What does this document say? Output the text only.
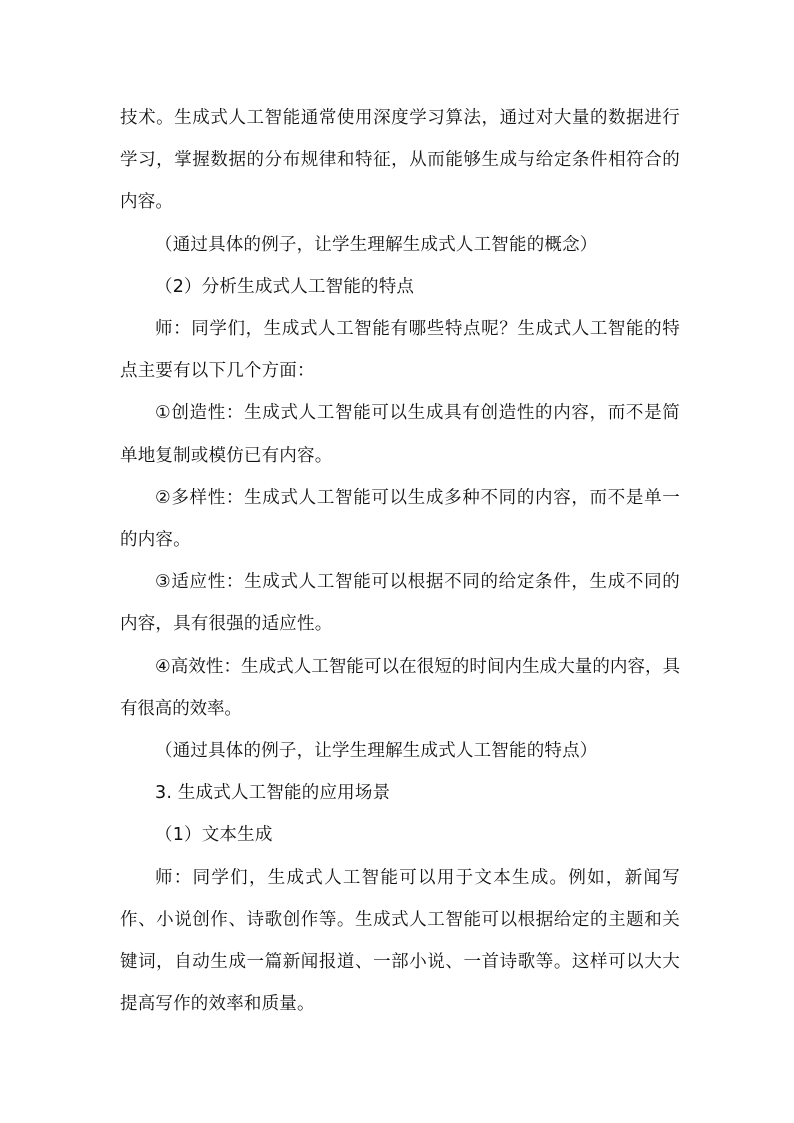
技术。生成式人工智能通常使用深度学习算法，通过对大量的数据进行学习，掌握数据的分布规律和特征，从而能够生成与给定条件相符合的内容。

（通过具体的例子，让学生理解生成式人工智能的概念）

（2）分析生成式人工智能的特点

师：同学们，生成式人工智能有哪些特点呢？生成式人工智能的特点主要有以下几个方面：

①创造性：生成式人工智能可以生成具有创造性的内容，而不是简单地复制或模仿已有内容。

②多样性：生成式人工智能可以生成多种不同的内容，而不是单一的内容。

③适应性：生成式人工智能可以根据不同的给定条件，生成不同的内容，具有很强的适应性。

④高效性：生成式人工智能可以在很短的时间内生成大量的内容，具有很高的效率。

（通过具体的例子，让学生理解生成式人工智能的特点）

3. 生成式人工智能的应用场景

（1）文本生成

师：同学们，生成式人工智能可以用于文本生成。例如，新闻写作、小说创作、诗歌创作等。生成式人工智能可以根据给定的主题和关键词，自动生成一篇新闻报道、一部小说、一首诗歌等。这样可以大大提高写作的效率和质量。
